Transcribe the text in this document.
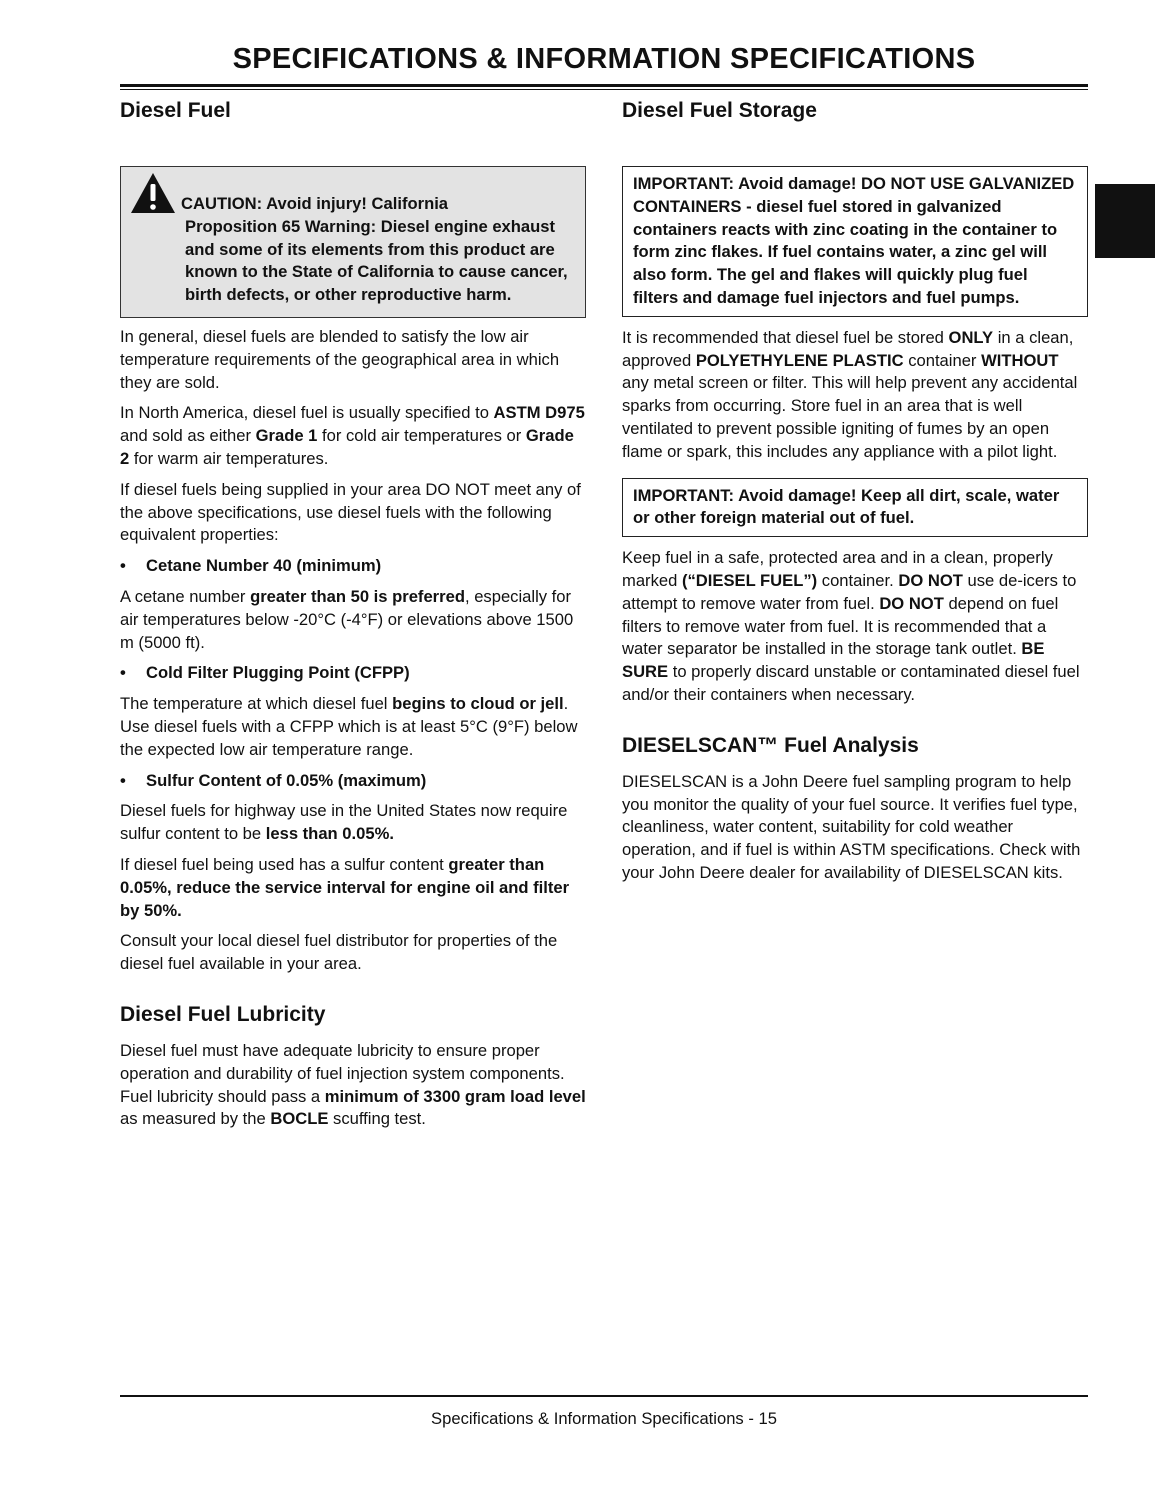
SPECIFICATIONS & INFORMATION SPECIFICATIONS
Diesel Fuel
CAUTION: Avoid injury! California
Proposition 65 Warning: Diesel engine exhaust and some of its elements from this product are known to the State of California to cause cancer, birth defects, or other reproductive harm.

In general, diesel fuels are blended to satisfy the low air temperature requirements of the geographical area in which they are sold.

In North America, diesel fuel is usually specified to ASTM D975 and sold as either Grade 1 for cold air temperatures or Grade 2 for warm air temperatures.

If diesel fuels being supplied in your area DO NOT meet any of the above specifications, use diesel fuels with the following equivalent properties:

• Cetane Number 40 (minimum)

A cetane number greater than 50 is preferred, especially for air temperatures below -20°C (-4°F) or elevations above 1500 m (5000 ft).

• Cold Filter Plugging Point (CFPP)

The temperature at which diesel fuel begins to cloud or jell. Use diesel fuels with a CFPP which is at least 5°C (9°F) below the expected low air temperature range.

• Sulfur Content of 0.05% (maximum)

Diesel fuels for highway use in the United States now require sulfur content to be less than 0.05%.

If diesel fuel being used has a sulfur content greater than 0.05%, reduce the service interval for engine oil and filter by 50%.

Consult your local diesel fuel distributor for properties of the diesel fuel available in your area.

Diesel Fuel Lubricity

Diesel fuel must have adequate lubricity to ensure proper operation and durability of fuel injection system components. Fuel lubricity should pass a minimum of 3300 gram load level as measured by the BOCLE scuffing test.

Diesel Fuel Storage
IMPORTANT: Avoid damage! DO NOT USE GALVANIZED CONTAINERS - diesel fuel stored in galvanized containers reacts with zinc coating in the container to form zinc flakes. If fuel contains water, a zinc gel will also form. The gel and flakes will quickly plug fuel filters and damage fuel injectors and fuel pumps.

It is recommended that diesel fuel be stored ONLY in a clean, approved POLYETHYLENE PLASTIC container WITHOUT any metal screen or filter. This will help prevent any accidental sparks from occurring. Store fuel in an area that is well ventilated to prevent possible igniting of fumes by an open flame or spark, this includes any appliance with a pilot light.

IMPORTANT: Avoid damage! Keep all dirt, scale, water or other foreign material out of fuel.

Keep fuel in a safe, protected area and in a clean, properly marked (“DIESEL FUEL”) container. DO NOT use de-icers to attempt to remove water from fuel. DO NOT depend on fuel filters to remove water from fuel. It is recommended that a water separator be installed in the storage tank outlet. BE SURE to properly discard unstable or contaminated diesel fuel and/or their containers when necessary.

DIESELSCAN™ Fuel Analysis

DIESELSCAN is a John Deere fuel sampling program to help you monitor the quality of your fuel source. It verifies fuel type, cleanliness, water content, suitability for cold weather operation, and if fuel is within ASTM specifications. Check with your John Deere dealer for availability of DIESELSCAN kits.

Specifications & Information Specifications - 15
